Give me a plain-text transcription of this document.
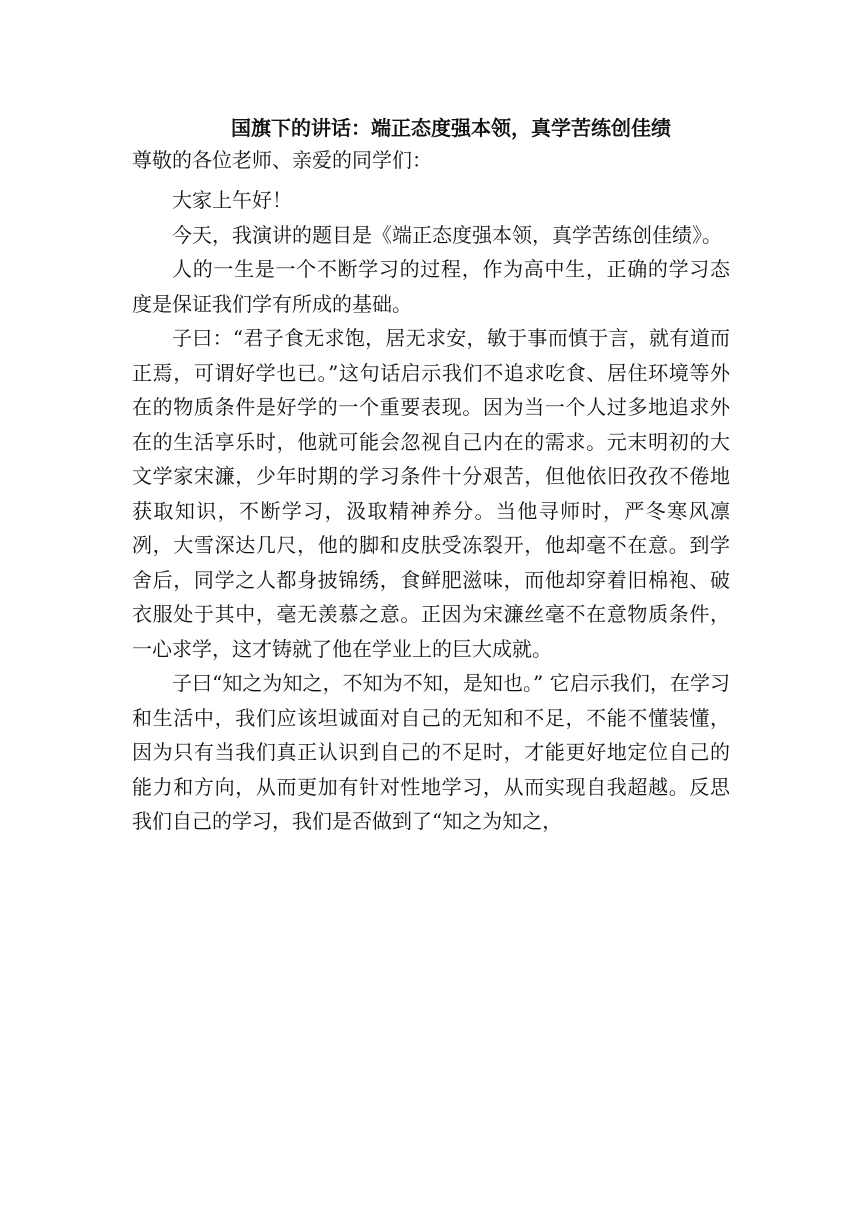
国旗下的讲话：端正态度强本领，真学苦练创佳绩

尊敬的各位老师、亲爱的同学们：

大家上午好！

今天，我演讲的题目是《端正态度强本领，真学苦练创佳绩》。

人的一生是一个不断学习的过程，作为高中生，正确的学习态度是保证我们学有所成的基础。

子曰：“君子食无求饱，居无求安，敏于事而慎于言，就有道而正焉，可谓好学也已。”这句话启示我们不追求吃食、居住环境等外在的物质条件是好学的一个重要表现。因为当一个人过多地追求外在的生活享乐时，他就可能会忽视自己内在的需求。元末明初的大文学家宋濂，少年时期的学习条件十分艰苦，但他依旧孜孜不倦地获取知识，不断学习，汲取精神养分。当他寻师时，严冬寒风凛冽，大雪深达几尺，他的脚和皮肤受冻裂开，他却毫不在意。到学舍后，同学之人都身披锦绣，食鲜肥滋味，而他却穿着旧棉袍、破衣服处于其中，毫无羡慕之意。正因为宋濂丝毫不在意物质条件，一心求学，这才铸就了他在学业上的巨大成就。

子曰“知之为知之，不知为不知，是知也。” 它启示我们，在学习和生活中，我们应该坦诚面对自己的无知和不足，不能不懂装懂，因为只有当我们真正认识到自己的不足时，才能更好地定位自己的能力和方向，从而更加有针对性地学习，从而实现自我超越。反思我们自己的学习，我们是否做到了“知之为知之，
